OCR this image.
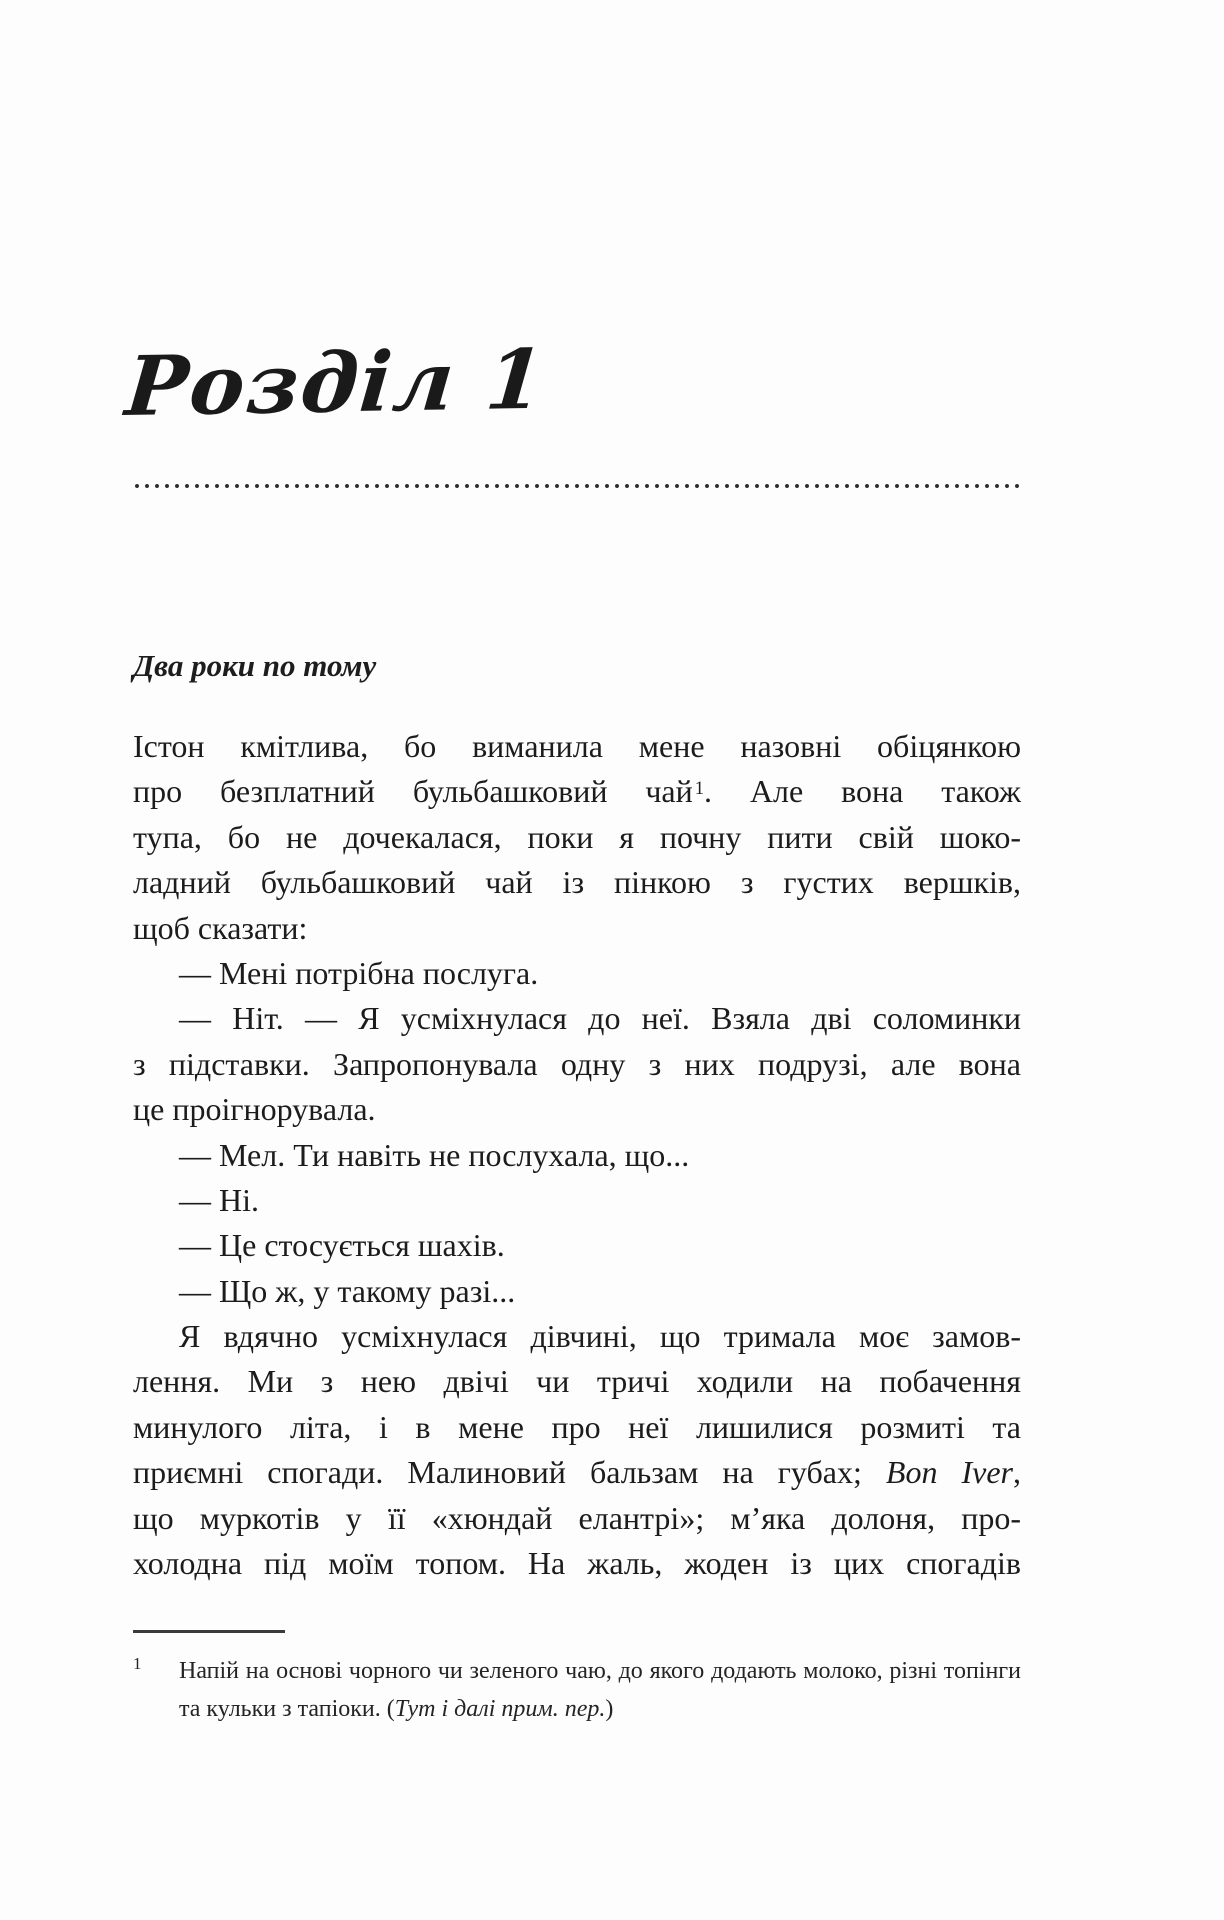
Розділ 1
Два роки по тому
Істон кмітлива, бо виманила мене назовні обіцянкою
про безплатний бульбашковий чай $^1$. Але вона також
тупа, бо не дочекалася, поки я почну пити свій шоко-
ладний бульбашковий чай із пінкою з густих вершків,
щоб сказати:
— Мені потрібна послуга.
— Ніт. — Я усміхнулася до неї. Взяла дві соломинки
з підставки. Запропонувала одну з них подрузі, але вона
це проігнорувала.
— Мел. Ти навіть не послухала, що...
— Ні.
— Це стосується шахів.
— Що ж, у такому разі...
Я вдячно усміхнулася дівчині, що тримала моє замов-
лення. Ми з нею двічі чи тричі ходили на побачення
минулого літа, і в мене про неї лишилися розмиті та
приємні спогади. Малиновий бальзам на губах; Bon Iver,
що муркотів у її «хюндай елантрі»; м’яка долоня, про-
холодна під моїм топом. На жаль, жоден із цих спогадів
1	Напій на основі чорного чи зеленого чаю, до якого додають молоко, різні топінги
та кульки з тапіоки. (Тут і далі прим. пер.)
